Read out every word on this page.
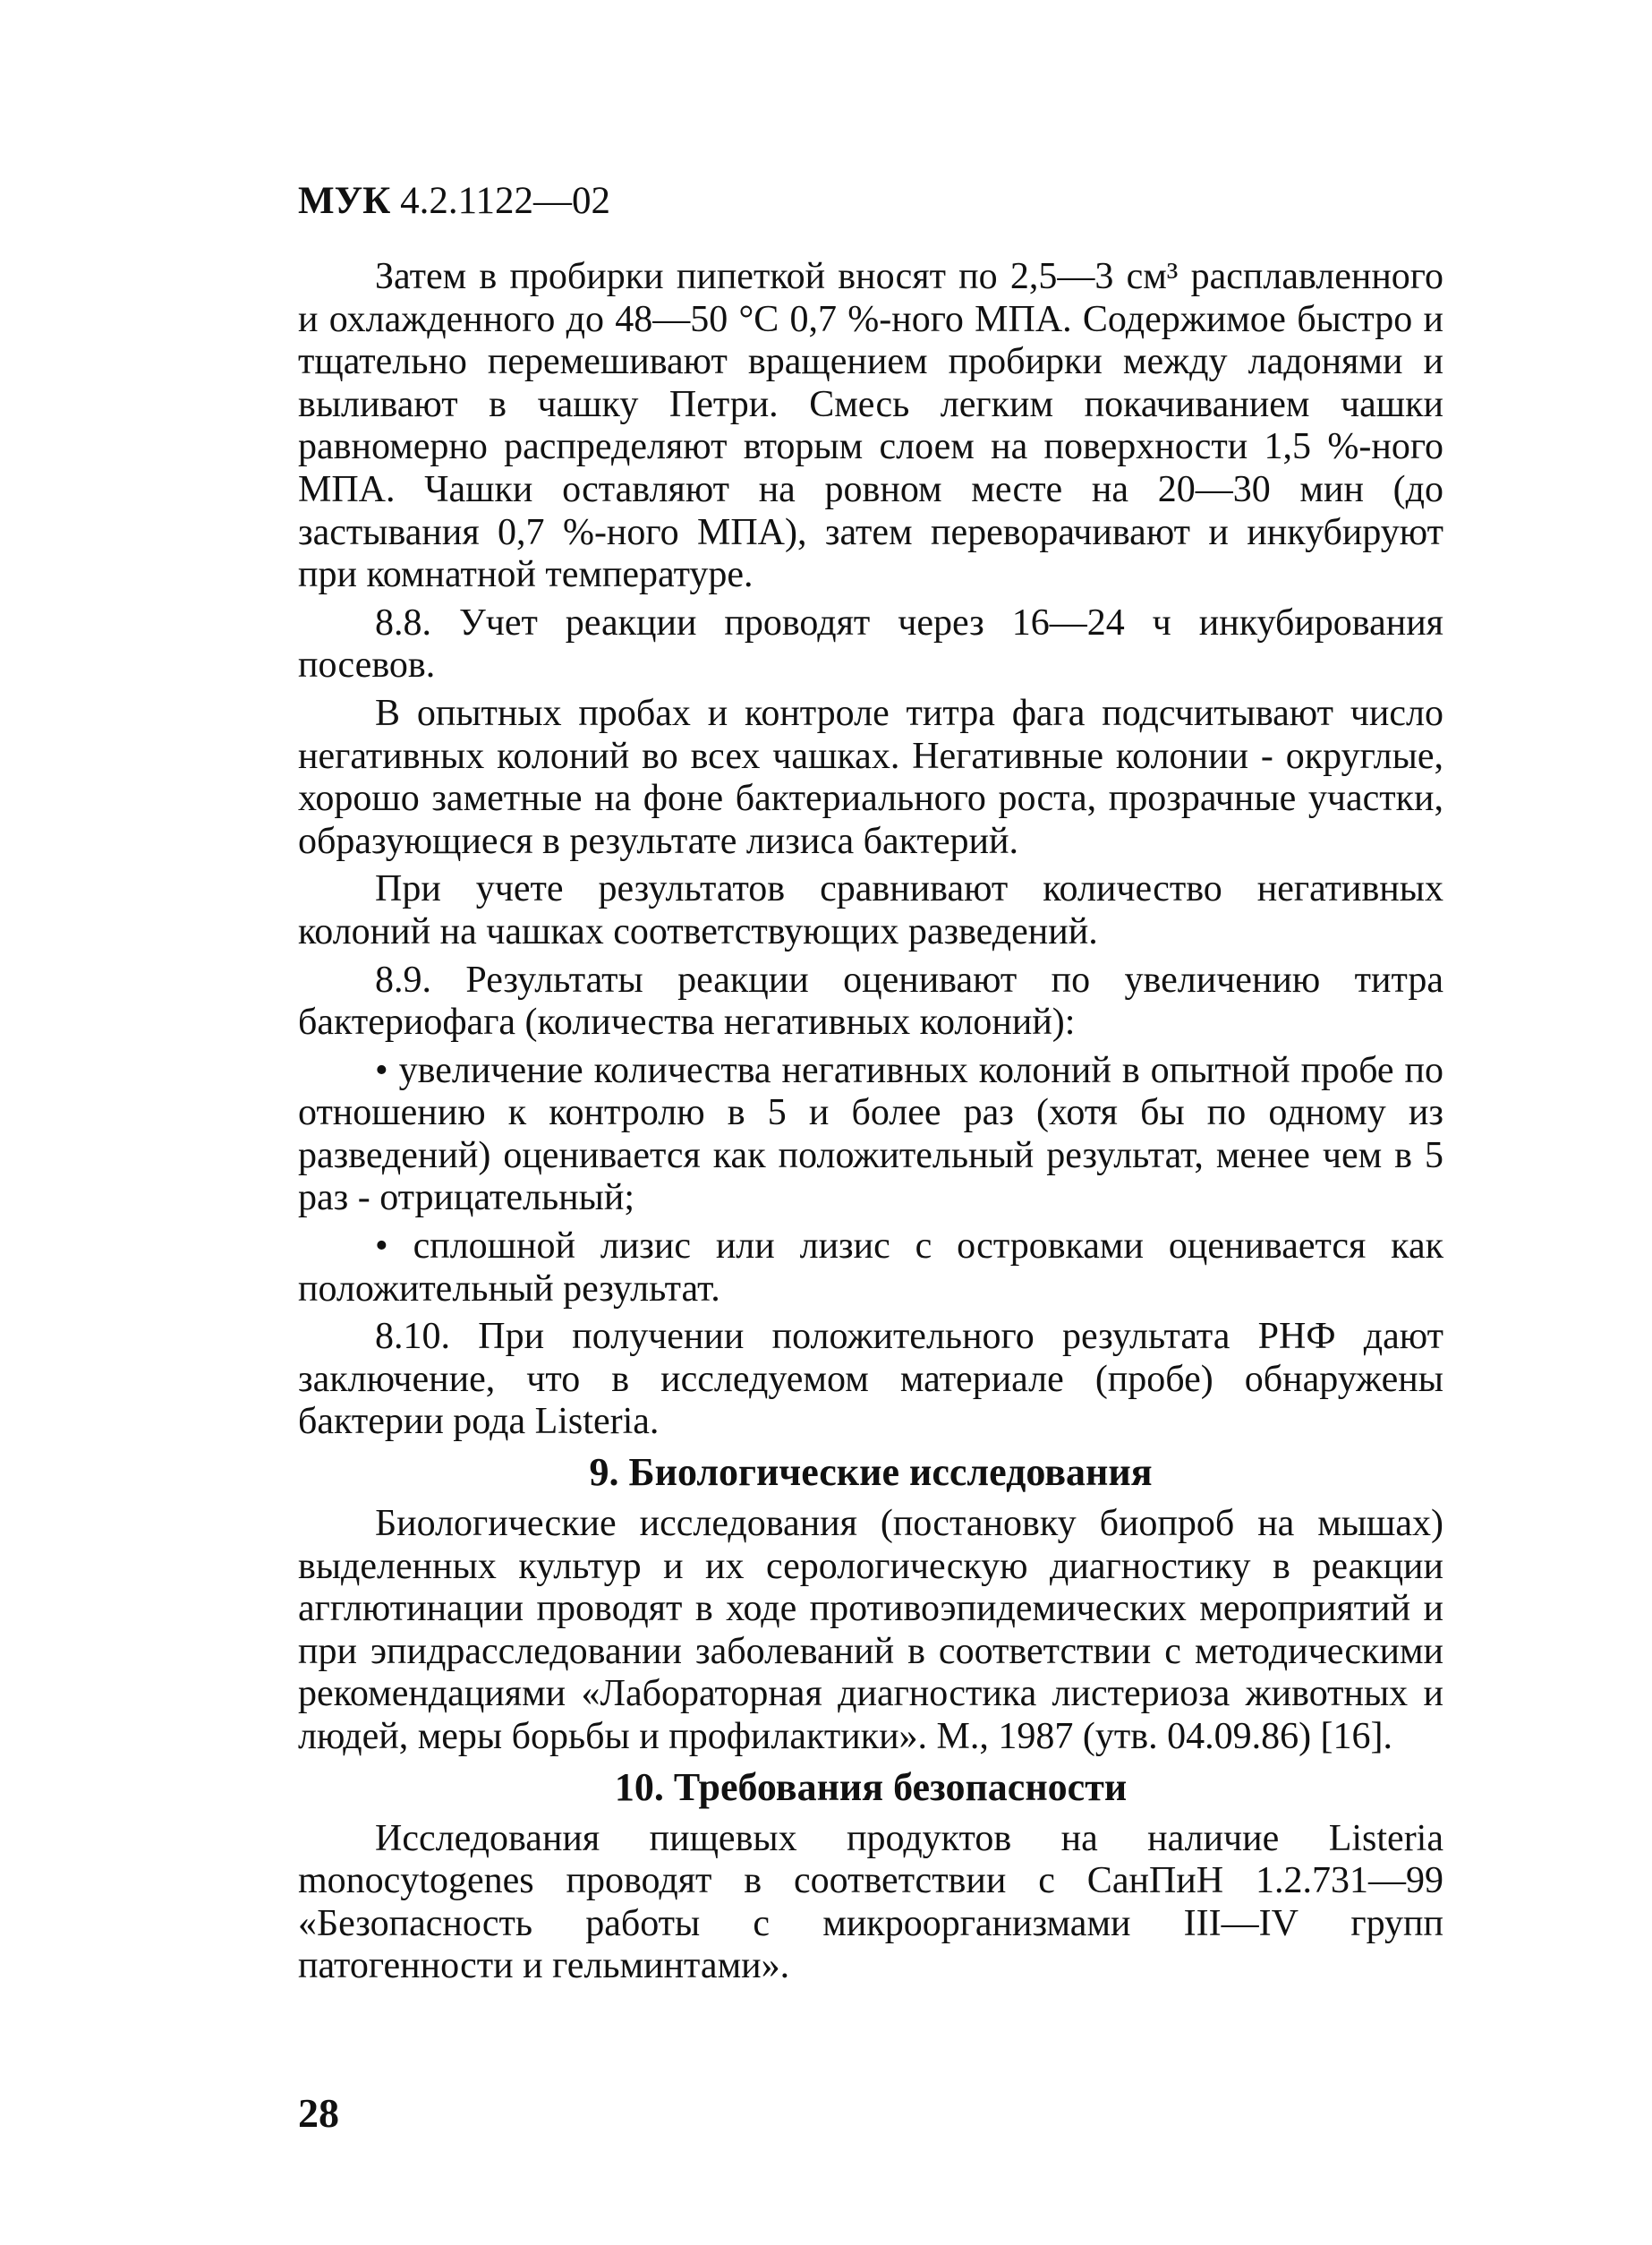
МУК 4.2.1122—02

Затем в пробирки пипеткой вносят по 2,5—3 см³ расплавленного и охлажденного до 48—50 °С 0,7 %-ного МПА. Содержимое быстро и тщательно перемешивают вращением пробирки между ладонями и выливают в чашку Петри. Смесь легким покачиванием чашки равномерно распределяют вторым слоем на поверхности 1,5 %-ного МПА. Чашки оставляют на ровном месте на 20—30 мин (до застывания 0,7 %-ного МПА), затем переворачивают и инкубируют при комнатной температуре.

8.8. Учет реакции проводят через 16—24 ч инкубирования посевов.

В опытных пробах и контроле титра фага подсчитывают число негативных колоний во всех чашках. Негативные колонии - округлые, хорошо заметные на фоне бактериального роста, прозрачные участки, образующиеся в результате лизиса бактерий.

При учете результатов сравнивают количество негативных колоний на чашках соответствующих разведений.

8.9. Результаты реакции оценивают по увеличению титра бактериофага (количества негативных колоний):

• увеличение количества негативных колоний в опытной пробе по отношению к контролю в 5 и более раз (хотя бы по одному из разведений) оценивается как положительный результат, менее чем в 5 раз - отрицательный;

• сплошной лизис или лизис с островками оценивается как положительный результат.

8.10. При получении положительного результата РНФ дают заключение, что в исследуемом материале (пробе) обнаружены бактерии рода Listeria.

9. Биологические исследования

Биологические исследования (постановку биопроб на мышах) выделенных культур и их серологическую диагностику в реакции агглютинации проводят в ходе противоэпидемических мероприятий и при эпидрасследовании заболеваний в соответствии с методическими рекомендациями «Лабораторная диагностика листериоза животных и людей, меры борьбы и профилактики». М., 1987 (утв. 04.09.86) [16].

10. Требования безопасности

Исследования пищевых продуктов на наличие Listeria monocytogenes проводят в соответствии с СанПиН 1.2.731—99 «Безопасность работы с микроорганизмами III—IV групп патогенности и гельминтами».

28
